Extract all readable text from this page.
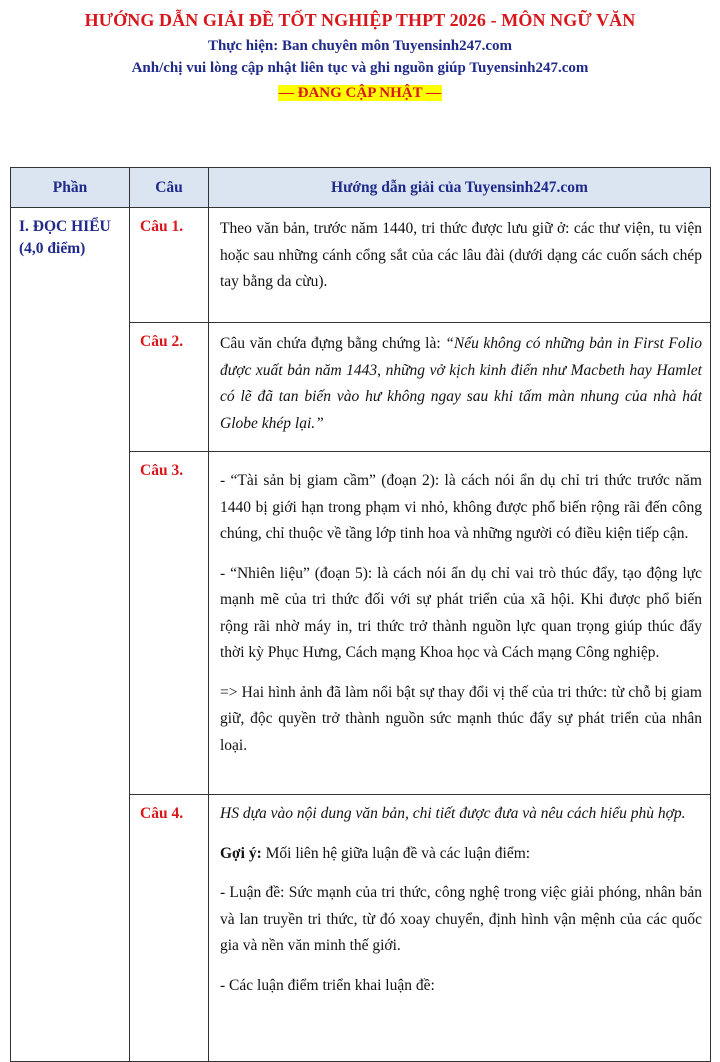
HƯỚNG DẪN GIẢI ĐỀ TỐT NGHIỆP THPT 2026 - MÔN NGỮ VĂN
Thực hiện: Ban chuyên môn Tuyensinh247.com
Anh/chị vui lòng cập nhật liên tục và ghi nguồn giúp Tuyensinh247.com
— ĐANG CẬP NHẬT —
Phần	Câu	Hướng dẫn giải của Tuyensinh247.com

I. ĐỌC HIỂU
(4,0 điểm)	Câu 1.	Theo văn bản, trước năm 1440, tri thức được lưu giữ ở: các thư viện, tu viện hoặc sau những cánh cổng sắt của các lâu đài (dưới dạng các cuốn sách chép tay bằng da cừu).

	Câu 2.	Câu văn chứa đựng bằng chứng là: “Nếu không có những bản in First Folio được xuất bản năm 1443, những vở kịch kinh điển như Macbeth hay Hamlet có lẽ đã tan biến vào hư không ngay sau khi tấm màn nhung của nhà hát Globe khép lại.”

	Câu 3.	- “Tài sản bị giam cầm” (đoạn 2): là cách nói ẩn dụ chỉ tri thức trước năm 1440 bị giới hạn trong phạm vi nhỏ, không được phổ biến rộng rãi đến công chúng, chỉ thuộc về tầng lớp tinh hoa và những người có điều kiện tiếp cận.

- “Nhiên liệu” (đoạn 5): là cách nói ẩn dụ chỉ vai trò thúc đẩy, tạo động lực mạnh mẽ của tri thức đối với sự phát triển của xã hội. Khi được phổ biến rộng rãi nhờ máy in, tri thức trở thành nguồn lực quan trọng giúp thúc đẩy thời kỳ Phục Hưng, Cách mạng Khoa học và Cách mạng Công nghiệp.

=> Hai hình ảnh đã làm nổi bật sự thay đổi vị thế của tri thức: từ chỗ bị giam giữ, độc quyền trở thành nguồn sức mạnh thúc đẩy sự phát triển của nhân loại.

	Câu 4.	HS dựa vào nội dung văn bản, chi tiết được đưa và nêu cách hiểu phù hợp.

Gợi ý: Mối liên hệ giữa luận đề và các luận điểm:

- Luận đề: Sức mạnh của tri thức, công nghệ trong việc giải phóng, nhân bản và lan truyền tri thức, từ đó xoay chuyển, định hình vận mệnh của các quốc gia và nền văn minh thế giới.

- Các luận điểm triển khai luận đề:
